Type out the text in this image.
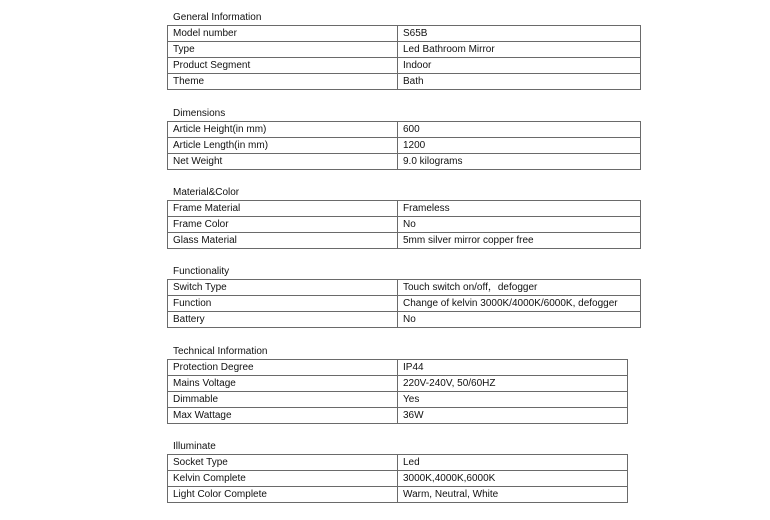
General Information
Model number	S65B
Type	Led Bathroom Mirror
Product Segment	Indoor
Theme	Bath
Dimensions
Article Height(in mm)	600
Article Length(in mm)	1200
Net Weight	9.0 kilograms
Material&Color
Frame Material	Frameless
Frame Color	No
Glass Material	5mm silver mirror copper free
Functionality
Switch Type	Touch switch on/off，defogger
Function	Change of kelvin 3000K/4000K/6000K, defogger
Battery	No
Technical Information
Protection Degree	IP44
Mains Voltage	220V-240V, 50/60HZ
Dimmable	Yes
Max Wattage	36W
Illuminate
Socket Type	Led
Kelvin Complete	3000K,4000K,6000K
Light Color Complete	Warm, Neutral, White
